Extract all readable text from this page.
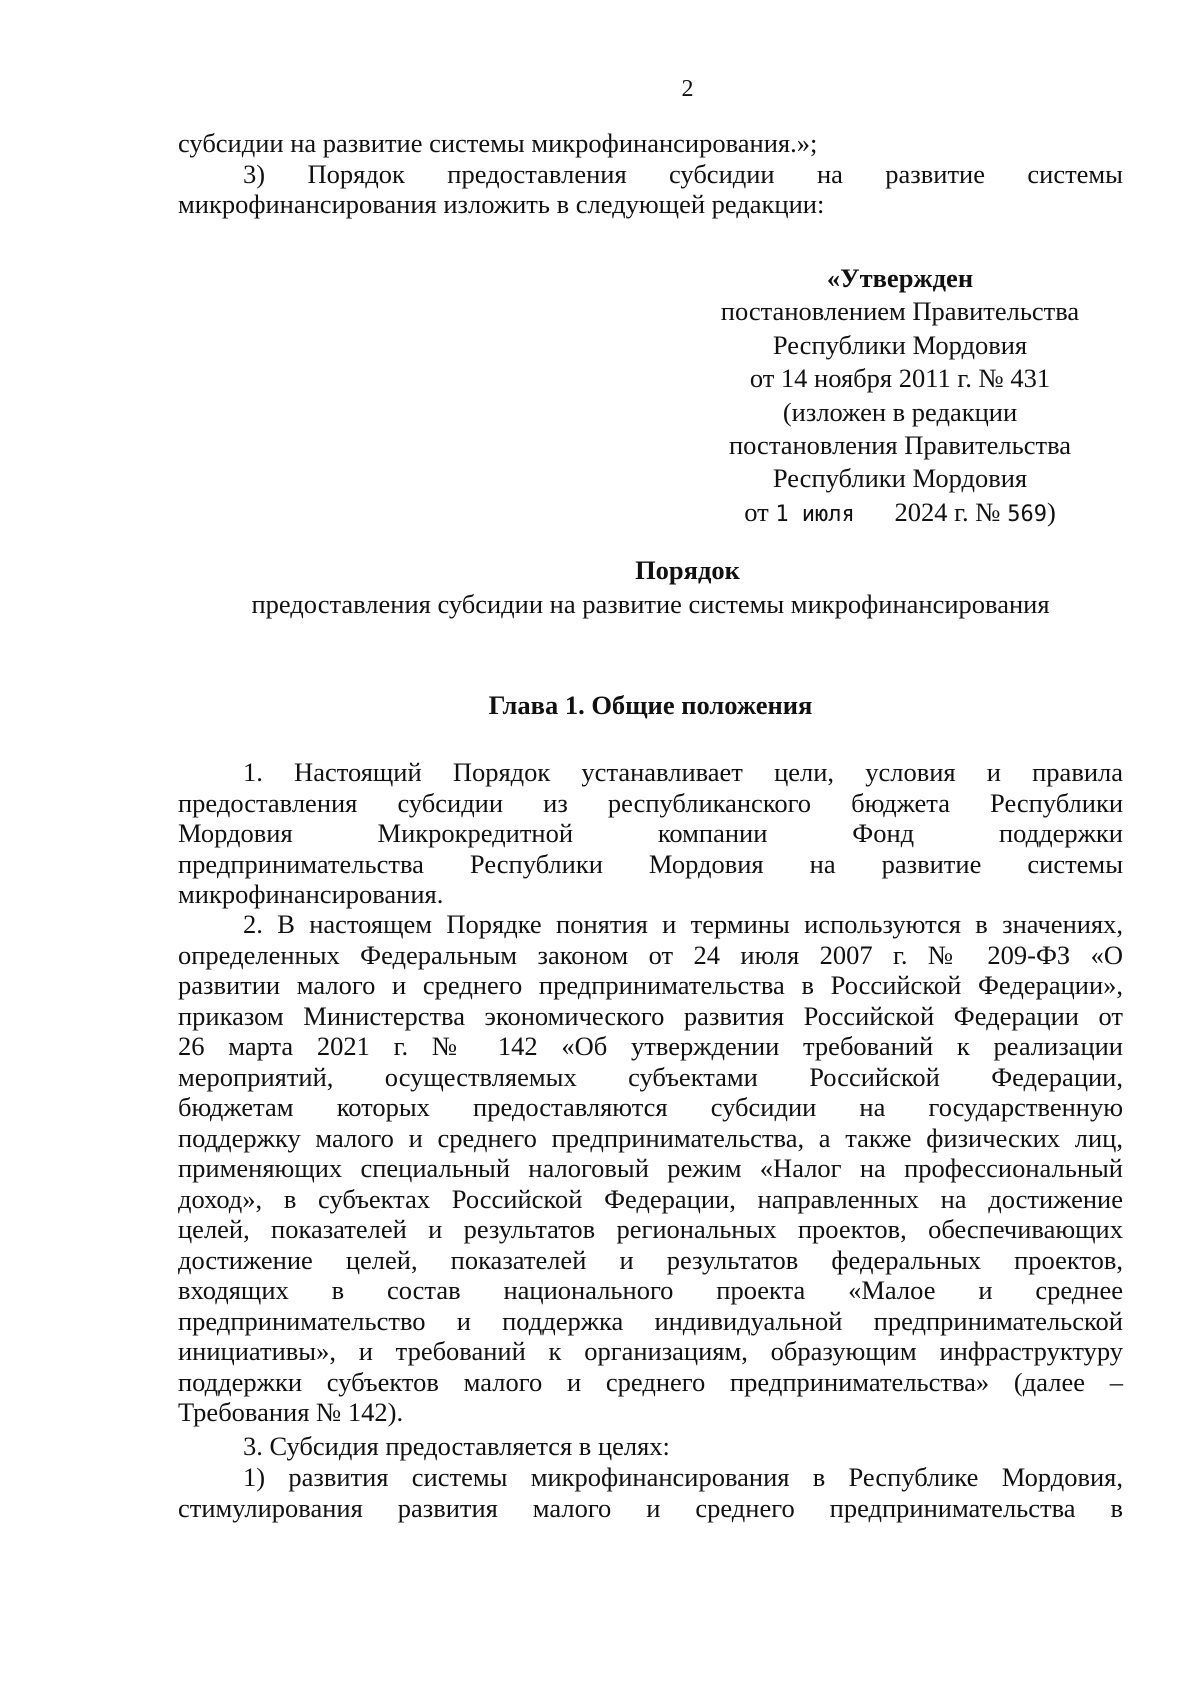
2
субсидии на развитие системы микрофинансирования.»;
3) Порядок предоставления субсидии на развитие системы
микрофинансирования изложить в следующей редакции:
«Утвержден
постановлением Правительства
Республики Мордовия
от 14 ноября 2011 г. № 431
(изложен в редакции
постановления Правительства
Республики Мордовия
от 1 июля 2024 г. № 569)
Порядок
предоставления субсидии на развитие системы микрофинансирования
Глава 1. Общие положения
1. Настоящий Порядок устанавливает цели, условия и правила
предоставления субсидии из республиканского бюджета Республики
Мордовия Микрокредитной компании Фонд поддержки
предпринимательства Республики Мордовия на развитие системы
микрофинансирования.
2. В настоящем Порядке понятия и термины используются в значениях,
определенных Федеральным законом от 24 июля 2007 г. № 209-ФЗ «О
развитии малого и среднего предпринимательства в Российской Федерации»,
приказом Министерства экономического развития Российской Федерации от
26 марта 2021 г. № 142 «Об утверждении требований к реализации
мероприятий, осуществляемых субъектами Российской Федерации,
бюджетам которых предоставляются субсидии на государственную
поддержку малого и среднего предпринимательства, а также физических лиц,
применяющих специальный налоговый режим «Налог на профессиональный
доход», в субъектах Российской Федерации, направленных на достижение
целей, показателей и результатов региональных проектов, обеспечивающих
достижение целей, показателей и результатов федеральных проектов,
входящих в состав национального проекта «Малое и среднее
предпринимательство и поддержка индивидуальной предпринимательской
инициативы», и требований к организациям, образующим инфраструктуру
поддержки субъектов малого и среднего предпринимательства» (далее –
Требования № 142).
3. Субсидия предоставляется в целях:
1) развития системы микрофинансирования в Республике Мордовия,
стимулирования развития малого и среднего предпринимательства в
